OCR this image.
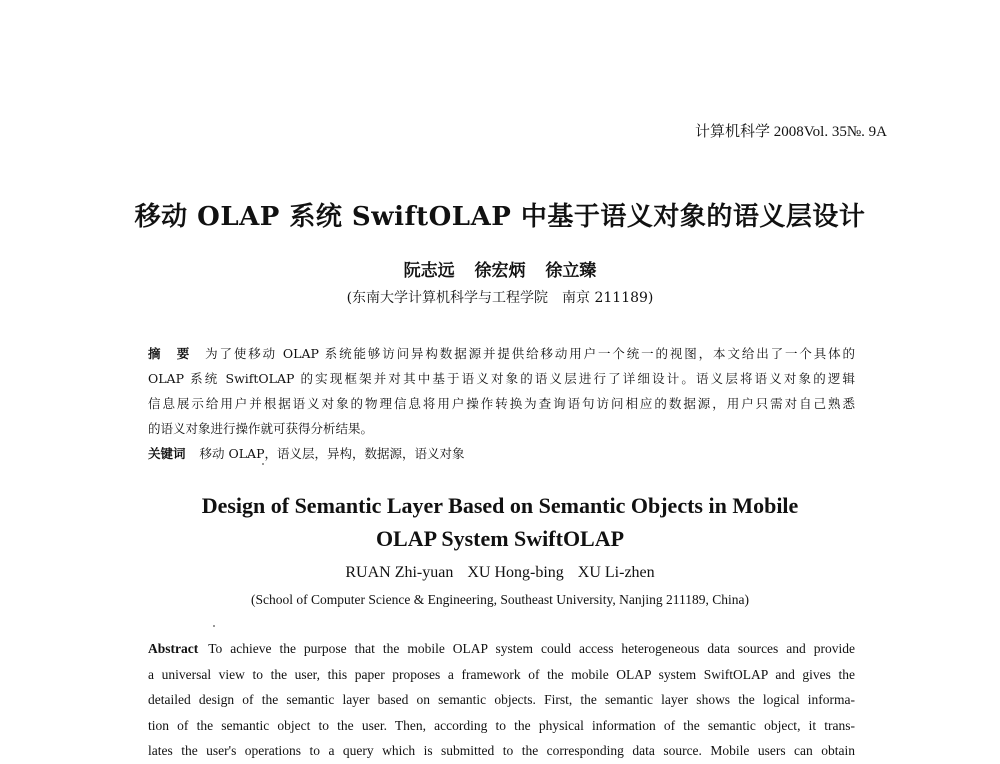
计算机科学 2008Vol. 35№. 9A
移动 OLAP 系统 SwiftOLAP 中基于语义对象的语义层设计
阮志远 徐宏炳 徐立臻
(东南大学计算机科学与工程学院　南京 211189)
摘　要 为了使移动 OLAP 系统能够访问异构数据源并提供给移动用户一个统一的视图，本文给出了一个具体的
OLAP 系统 SwiftOLAP 的实现框架并对其中基于语义对象的语义层进行了详细设计。语义层将语义对象的逻辑
信息展示给用户并根据语义对象的物理信息将用户操作转换为查询语句访问相应的数据源，用户只需对自己熟悉
的语义对象进行操作就可获得分析结果。
关键词 移动 OLAP，语义层，异构，数据源，语义对象
Design of Semantic Layer Based on Semantic Objects in Mobile
OLAP System SwiftOLAP
RUAN Zhi-yuan XU Hong-bing XU Li-zhen
(School of Computer Science & Engineering, Southeast University, Nanjing 211189, China)
Abstract To achieve the purpose that the mobile OLAP system could access heterogeneous data sources and provide
a universal view to the user, this paper proposes a framework of the mobile OLAP system SwiftOLAP and gives the
detailed design of the semantic layer based on semantic objects. First, the semantic layer shows the logical informa-
tion of the semantic object to the user. Then, according to the physical information of the semantic object, it trans-
lates the user's operations to a query which is submitted to the corresponding data source. Mobile users can obtain
